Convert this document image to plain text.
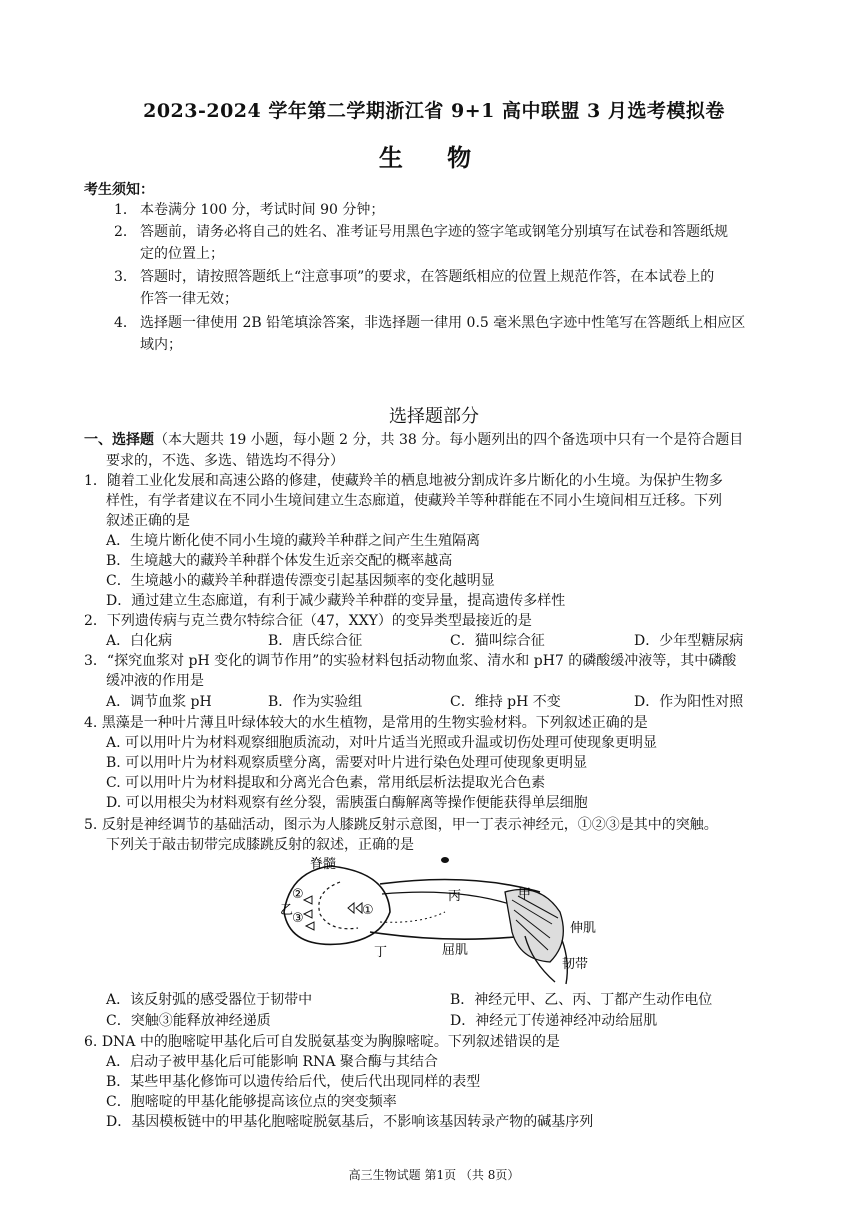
2023-2024 学年第二学期浙江省 9+1 高中联盟 3 月选考模拟卷
生 物
考生须知：
1． 本卷满分 100 分，考试时间 90 分钟；
2． 答题前，请务必将自己的姓名、准考证号用黑色字迹的签字笔或钢笔分别填写在试卷和答题纸规
定的位置上；
3． 答题时，请按照答题纸上“注意事项”的要求，在答题纸相应的位置上规范作答，在本试卷上的
作答一律无效；
4． 选择题一律使用 2B 铅笔填涂答案，非选择题一律用 0.5 毫米黑色字迹中性笔写在答题纸上相应区
域内；
选择题部分
一、选择题（本大题共 19 小题，每小题 2 分，共 38 分。每小题列出的四个备选项中只有一个是符合题目
要求的，不选、多选、错选均不得分）
1．随着工业化发展和高速公路的修建，使藏羚羊的栖息地被分割成许多片断化的小生境。为保护生物多
样性，有学者建议在不同小生境间建立生态廊道，使藏羚羊等种群能在不同小生境间相互迁移。下列
叙述正确的是
A．生境片断化使不同小生境的藏羚羊种群之间产生生殖隔离
B．生境越大的藏羚羊种群个体发生近亲交配的概率越高
C．生境越小的藏羚羊种群遗传漂变引起基因频率的变化越明显
D．通过建立生态廊道，有利于减少藏羚羊种群的变异量，提高遗传多样性
2．下列遗传病与克兰费尔特综合征（47，XXY）的变异类型最接近的是
A．白化病	B．唐氏综合征	C．猫叫综合征	D．少年型糖尿病
3．“探究血浆对 pH 变化的调节作用”的实验材料包括动物血浆、清水和 pH7 的磷酸缓冲液等，其中磷酸
缓冲液的作用是
A．调节血浆 pH	B．作为实验组	C．维持 pH 不变	D．作为阳性对照
4. 黑藻是一种叶片薄且叶绿体较大的水生植物，是常用的生物实验材料。下列叙述正确的是
A. 可以用叶片为材料观察细胞质流动，对叶片适当光照或升温或切伤处理可使现象更明显
B. 可以用叶片为材料观察质壁分离，需要对叶片进行染色处理可使现象更明显
C. 可以用叶片为材料提取和分离光合色素，常用纸层析法提取光合色素
D. 可以用根尖为材料观察有丝分裂，需胰蛋白酶解离等操作便能获得单层细胞
5. 反射是神经调节的基础活动，图示为人膝跳反射示意图，甲一丁表示神经元，①②③是其中的突触。
下列关于敲击韧带完成膝跳反射的叙述，正确的是
脊髓
②
乙
③
①
丙	甲
丁	屈肌
伸肌
韧带
A．该反射弧的感受器位于韧带中	B．神经元甲、乙、丙、丁都产生动作电位
C．突触③能释放神经递质	D．神经元丁传递神经冲动给屈肌
6. DNA 中的胞嘧啶甲基化后可自发脱氨基变为胸腺嘧啶。下列叙述错误的是
A．启动子被甲基化后可能影响 RNA 聚合酶与其结合
B．某些甲基化修饰可以遗传给后代，使后代出现同样的表型
C．胞嘧啶的甲基化能够提高该位点的突变频率
D．基因模板链中的甲基化胞嘧啶脱氨基后，不影响该基因转录产物的碱基序列
高三生物试题 第1页 （共 8页）
